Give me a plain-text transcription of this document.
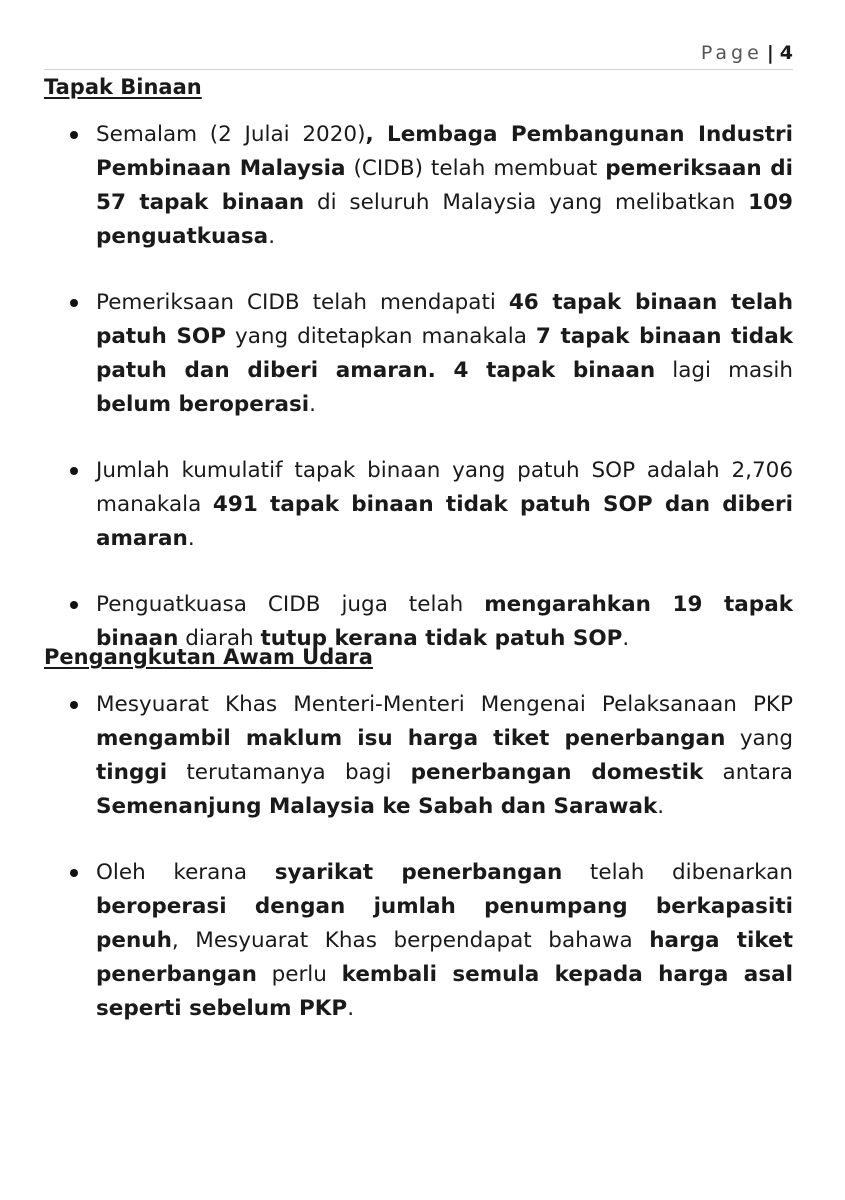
Page | 4
Tapak Binaan
Semalam (2 Julai 2020), Lembaga Pembangunan Industri Pembinaan Malaysia (CIDB) telah membuat pemeriksaan di 57 tapak binaan di seluruh Malaysia yang melibatkan 109 penguatkuasa.
Pemeriksaan CIDB telah mendapati 46 tapak binaan telah patuh SOP yang ditetapkan manakala 7 tapak binaan tidak patuh dan diberi amaran. 4 tapak binaan lagi masih belum beroperasi.
Jumlah kumulatif tapak binaan yang patuh SOP adalah 2,706 manakala 491 tapak binaan tidak patuh SOP dan diberi amaran.
Penguatkuasa CIDB juga telah mengarahkan 19 tapak binaan diarah tutup kerana tidak patuh SOP.
Pengangkutan Awam Udara
Mesyuarat Khas Menteri-Menteri Mengenai Pelaksanaan PKP mengambil maklum isu harga tiket penerbangan yang tinggi terutamanya bagi penerbangan domestik antara Semenanjung Malaysia ke Sabah dan Sarawak.
Oleh kerana syarikat penerbangan telah dibenarkan beroperasi dengan jumlah penumpang berkapasiti penuh, Mesyuarat Khas berpendapat bahawa harga tiket penerbangan perlu kembali semula kepada harga asal seperti sebelum PKP.
